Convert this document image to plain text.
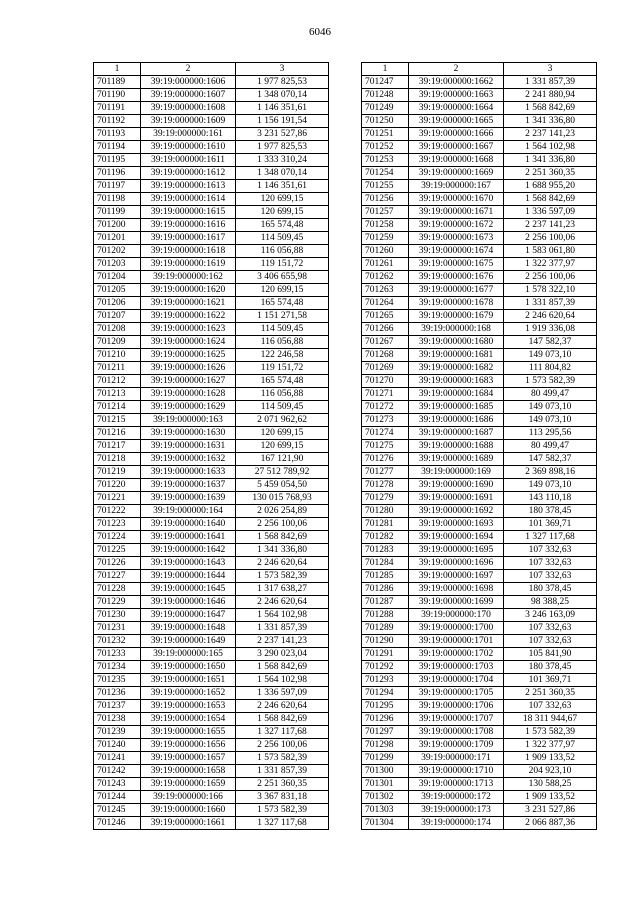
6046
1	2	3
701189	39:19:000000:1606	1 977 825,53
701190	39:19:000000:1607	1 348 070,14
701191	39:19:000000:1608	1 146 351,61
701192	39:19:000000:1609	1 156 191,54
701193	39:19:000000:161	3 231 527,86
701194	39:19:000000:1610	1 977 825,53
701195	39:19:000000:1611	1 333 310,24
701196	39:19:000000:1612	1 348 070,14
701197	39:19:000000:1613	1 146 351,61
701198	39:19:000000:1614	120 699,15
701199	39:19:000000:1615	120 699,15
701200	39:19:000000:1616	165 574,48
701201	39:19:000000:1617	114 509,45
701202	39:19:000000:1618	116 056,88
701203	39:19:000000:1619	119 151,72
701204	39:19:000000:162	3 406 655,98
701205	39:19:000000:1620	120 699,15
701206	39:19:000000:1621	165 574,48
701207	39:19:000000:1622	1 151 271,58
701208	39:19:000000:1623	114 509,45
701209	39:19:000000:1624	116 056,88
701210	39:19:000000:1625	122 246,58
701211	39:19:000000:1626	119 151,72
701212	39:19:000000:1627	165 574,48
701213	39:19:000000:1628	116 056,88
701214	39:19:000000:1629	114 509,45
701215	39:19:000000:163	2 071 962,62
701216	39:19:000000:1630	120 699,15
701217	39:19:000000:1631	120 699,15
701218	39:19:000000:1632	167 121,90
701219	39:19:000000:1633	27 512 789,92
701220	39:19:000000:1637	5 459 054,50
701221	39:19:000000:1639	130 015 768,93
701222	39:19:000000:164	2 026 254,89
701223	39:19:000000:1640	2 256 100,06
701224	39:19:000000:1641	1 568 842,69
701225	39:19:000000:1642	1 341 336,80
701226	39:19:000000:1643	2 246 620,64
701227	39:19:000000:1644	1 573 582,39
701228	39:19:000000:1645	1 317 638,27
701229	39:19:000000:1646	2 246 620,64
701230	39:19:000000:1647	1 564 102,98
701231	39:19:000000:1648	1 331 857,39
701232	39:19:000000:1649	2 237 141,23
701233	39:19:000000:165	3 290 023,04
701234	39:19:000000:1650	1 568 842,69
701235	39:19:000000:1651	1 564 102,98
701236	39:19:000000:1652	1 336 597,09
701237	39:19:000000:1653	2 246 620,64
701238	39:19:000000:1654	1 568 842,69
701239	39:19:000000:1655	1 327 117,68
701240	39:19:000000:1656	2 256 100,06
701241	39:19:000000:1657	1 573 582,39
701242	39:19:000000:1658	1 331 857,39
701243	39:19:000000:1659	2 251 360,35
701244	39:19:000000:166	3 367 831,18
701245	39:19:000000:1660	1 573 582,39
701246	39:19:000000:1661	1 327 117,68
1	2	3
701247	39:19:000000:1662	1 331 857,39
701248	39:19:000000:1663	2 241 880,94
701249	39:19:000000:1664	1 568 842,69
701250	39:19:000000:1665	1 341 336,80
701251	39:19:000000:1666	2 237 141,23
701252	39:19:000000:1667	1 564 102,98
701253	39:19:000000:1668	1 341 336,80
701254	39:19:000000:1669	2 251 360,35
701255	39:19:000000:167	1 688 955,20
701256	39:19:000000:1670	1 568 842,69
701257	39:19:000000:1671	1 336 597,09
701258	39:19:000000:1672	2 237 141,23
701259	39:19:000000:1673	2 256 100,06
701260	39:19:000000:1674	1 583 061,80
701261	39:19:000000:1675	1 322 377,97
701262	39:19:000000:1676	2 256 100,06
701263	39:19:000000:1677	1 578 322,10
701264	39:19:000000:1678	1 331 857,39
701265	39:19:000000:1679	2 246 620,64
701266	39:19:000000:168	1 919 336,08
701267	39:19:000000:1680	147 582,37
701268	39:19:000000:1681	149 073,10
701269	39:19:000000:1682	111 804,82
701270	39:19:000000:1683	1 573 582,39
701271	39:19:000000:1684	80 499,47
701272	39:19:000000:1685	149 073,10
701273	39:19:000000:1686	149 073,10
701274	39:19:000000:1687	113 295,56
701275	39:19:000000:1688	80 499,47
701276	39:19:000000:1689	147 582,37
701277	39:19:000000:169	2 369 898,16
701278	39:19:000000:1690	149 073,10
701279	39:19:000000:1691	143 110,18
701280	39:19:000000:1692	180 378,45
701281	39:19:000000:1693	101 369,71
701282	39:19:000000:1694	1 327 117,68
701283	39:19:000000:1695	107 332,63
701284	39:19:000000:1696	107 332,63
701285	39:19:000000:1697	107 332,63
701286	39:19:000000:1698	180 378,45
701287	39:19:000000:1699	98 388,25
701288	39:19:000000:170	3 246 163,09
701289	39:19:000000:1700	107 332,63
701290	39:19:000000:1701	107 332,63
701291	39:19:000000:1702	105 841,90
701292	39:19:000000:1703	180 378,45
701293	39:19:000000:1704	101 369,71
701294	39:19:000000:1705	2 251 360,35
701295	39:19:000000:1706	107 332,63
701296	39:19:000000:1707	18 311 944,67
701297	39:19:000000:1708	1 573 582,39
701298	39:19:000000:1709	1 322 377,97
701299	39:19:000000:171	1 909 133,52
701300	39:19:000000:1710	204 923,10
701301	39:19:000000:1713	130 588,25
701302	39:19:000000:172	1 909 133,52
701303	39:19:000000:173	3 231 527,86
701304	39:19:000000:174	2 066 887,36
